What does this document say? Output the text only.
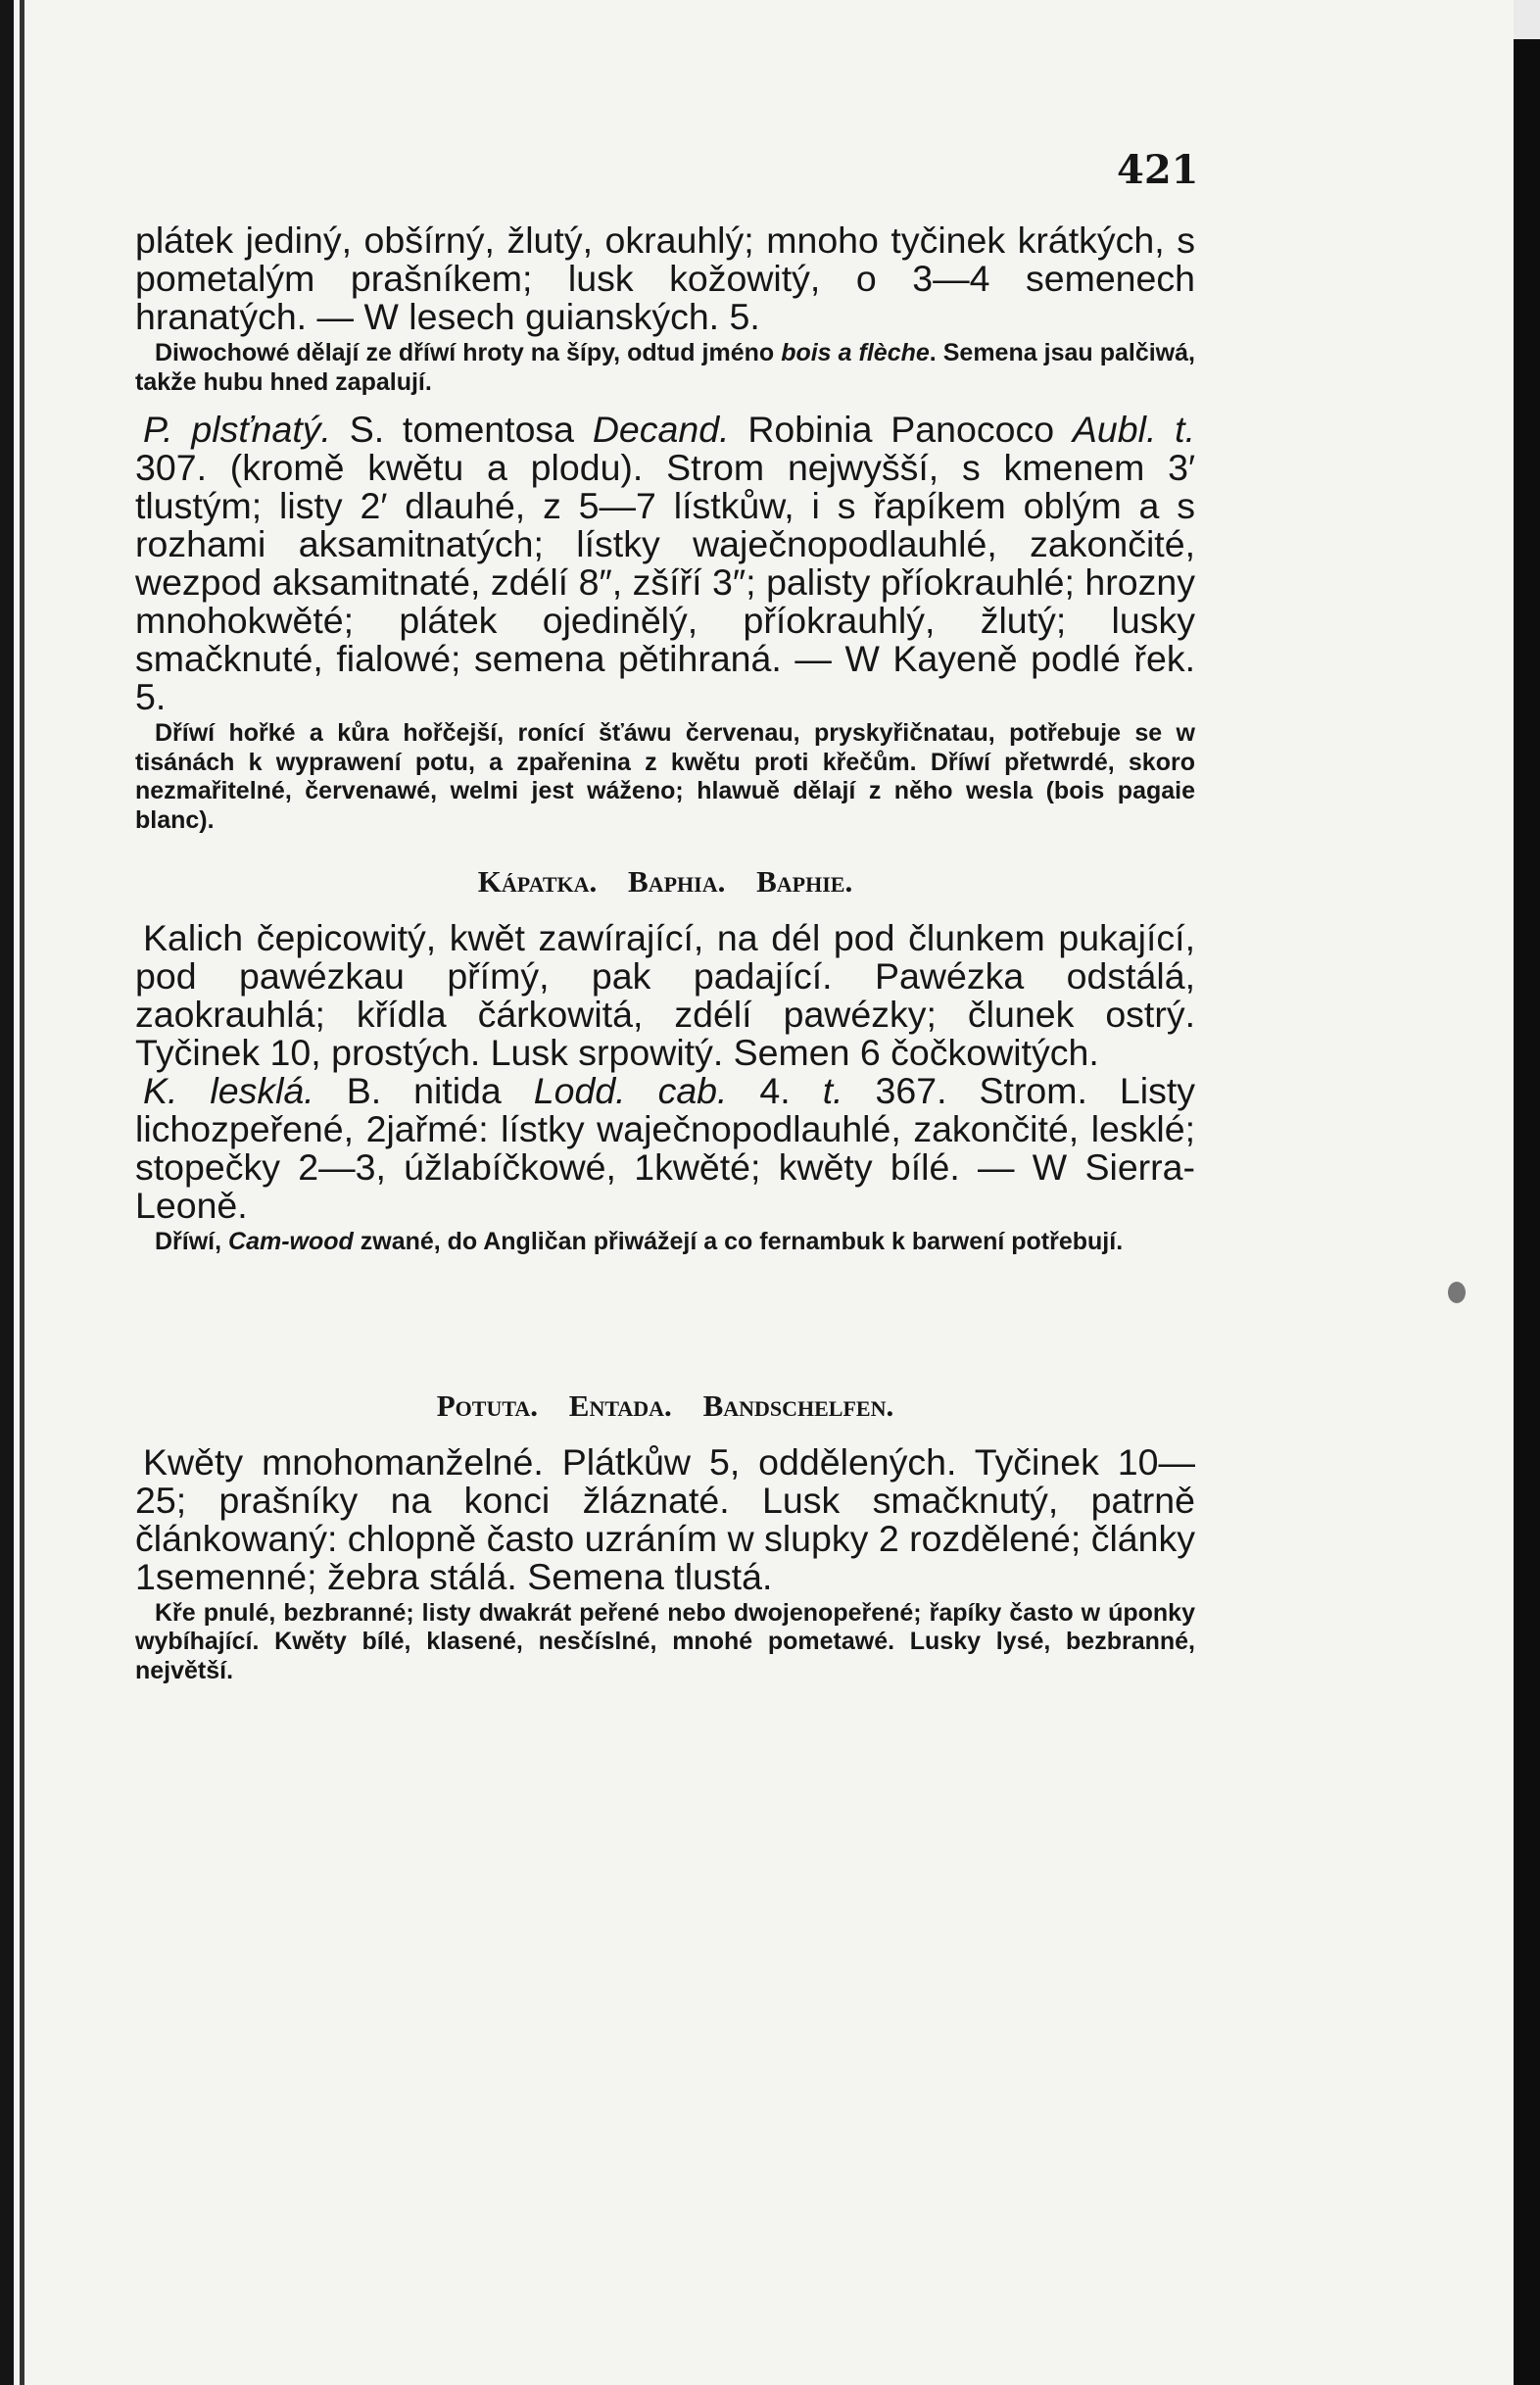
421

plátek jediný, obšírný, žlutý, okrauhlý; mnoho tyčinek krátkých, s pometalým prašníkem; lusk kožowitý, o 3—4 semenech hranatých. — W lesech guianských. 5.

Diwochowé dělají ze dříwí hroty na šípy, odtud jméno bois a flèche. Semena jsau palčiwá, takže hubu hned zapalují.

P. plsťnatý. S. tomentosa Decand. Robinia Panococo Aubl. t. 307. (kromě kwětu a plodu). Strom nejwyšší, s kmenem 3′ tlustým; listy 2′ dlauhé, z 5—7 lístkůw, i s řapíkem oblým a s rozhami aksamitnatých; lístky waječnopodlauhlé, zakončité, wezpod aksamitnaté, zdélí 8″, zšíří 3″; palisty příokrauhlé; hrozny mnohokwěté; plátek ojedinělý, příokrauhlý, žlutý; lusky smačknuté, fialowé; semena pětihraná. — W Kayeně podlé řek. 5.

Dříwí hořké a kůra hořčejší, ronící šťáwu červenau, pryskyřičnatau, potřebuje se w tisánách k wyprawení potu, a zpařenina z kwětu proti křečům. Dříwí přetwrdé, skoro nezmařitelné, červenawé, welmi jest wáženo; hlawuě dělají z něho wesla (bois pagaie blanc).

Kápatka. Baphia. Baphie.

Kalich čepicowitý, kwět zawírající, na dél pod člunkem pukající, pod pawézkau přímý, pak padající. Pawézka odstálá, zaokrauhlá; křídla čárkowitá, zdélí pawézky; člunek ostrý. Tyčinek 10, prostých. Lusk srpowitý. Semen 6 čočkowitých.

K. lesklá. B. nitida Lodd. cab. 4. t. 367. Strom. Listy lichozpeřené, 2jařmé: lístky waječnopodlauhlé, zakončité, lesklé; stopečky 2—3, úžlabíčkowé, 1kwěté; kwěty bílé. — W Sierra-Leoně.

Dříwí, Cam-wood zwané, do Angličan přiwážejí a co fernambuk k barwení potřebují.

Potuta. Entada. Bandschelfen.

Kwěty mnohomanželné. Plátkůw 5, oddělených. Tyčinek 10—25; prašníky na konci žláznaté. Lusk smačknutý, patrně článkowaný: chlopně často uzráním w slupky 2 rozdělené; články 1semenné; žebra stálá. Semena tlustá.

Kře pnulé, bezbranné; listy dwakrát peřené nebo dwojenopeřené; řapíky často w úponky wybíhající. Kwěty bílé, klasené, nesčíslné, mnohé pometawé. Lusky lysé, bezbranné, největší.
